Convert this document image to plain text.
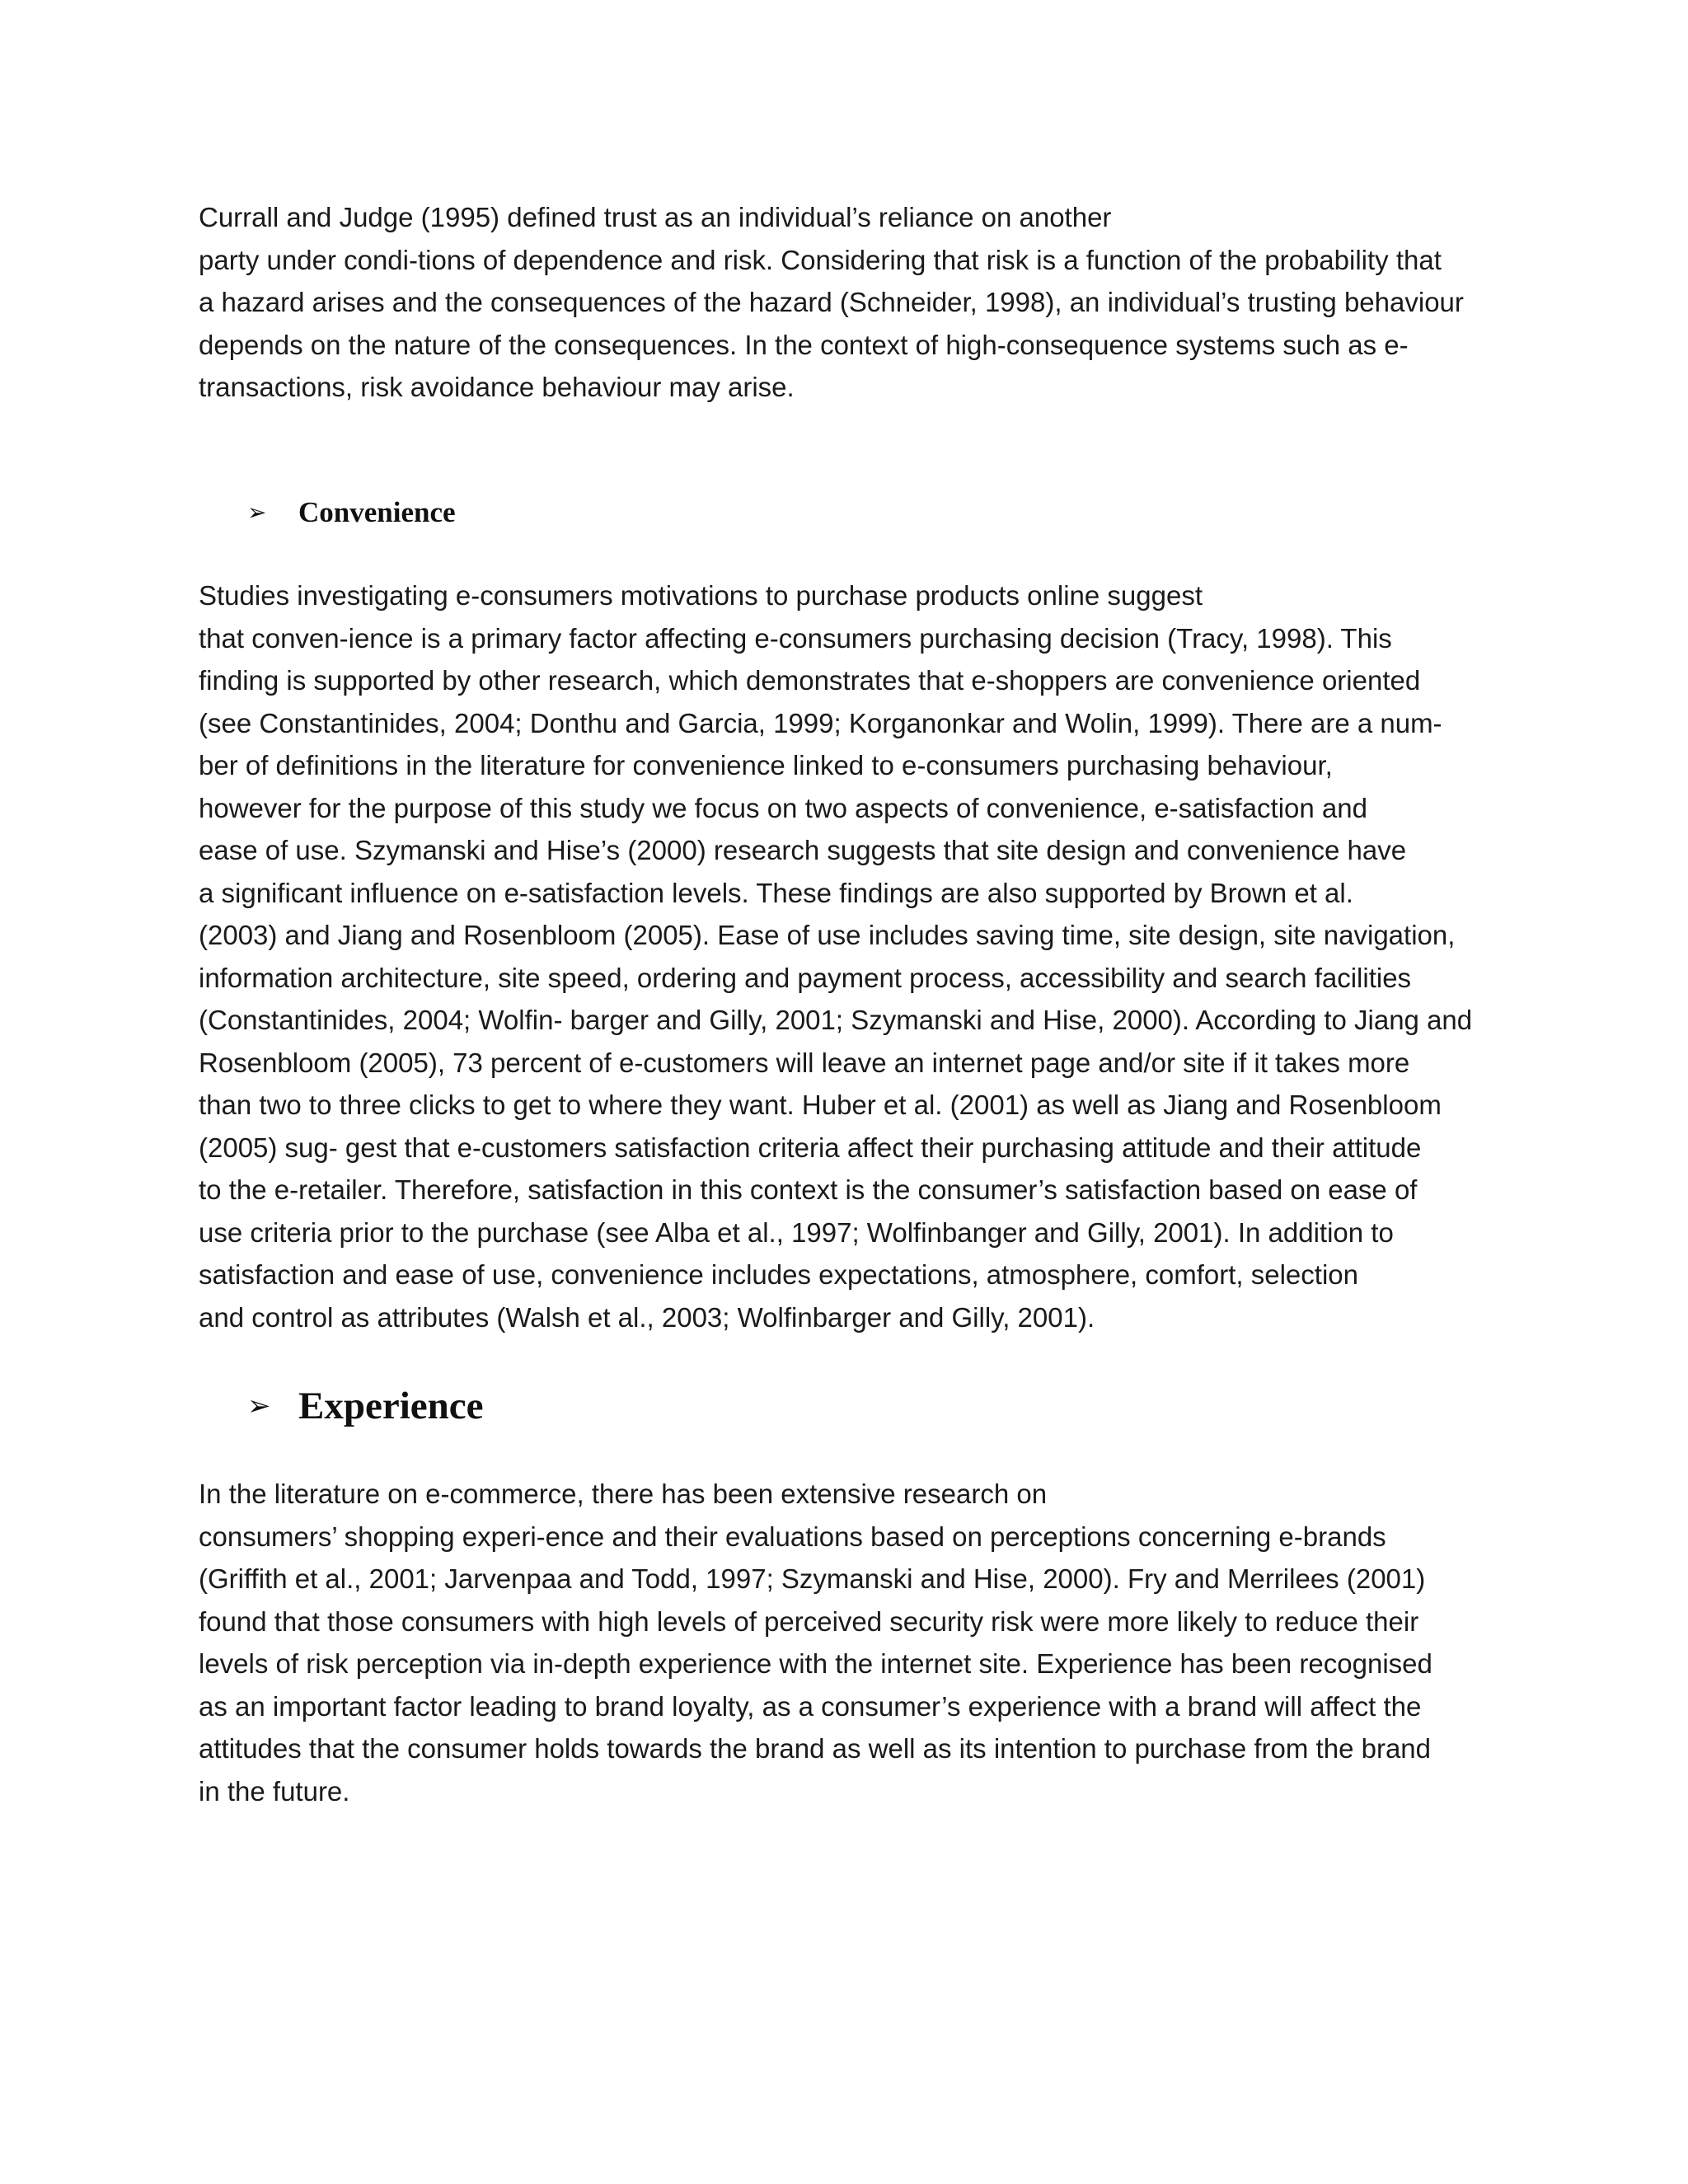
Currall and Judge (1995) defined trust as an individual’s reliance on another
party under condi-tions of dependence and risk. Considering that risk is a function of the probability that
a hazard arises and the consequences of the hazard (Schneider, 1998), an individual’s trusting behaviour
depends on the nature of the consequences. In the context of high-consequence systems such as e-
transactions, risk avoidance behaviour may arise.

➢	Convenience

Studies investigating e-consumers motivations to purchase products online suggest
that conven-ience is a primary factor affecting e-consumers purchasing decision (Tracy, 1998). This
finding is supported by other research, which demonstrates that e-shoppers are convenience oriented
(see Constantinides, 2004; Donthu and Garcia, 1999; Korganonkar and Wolin, 1999). There are a num-
ber of definitions in the literature for convenience linked to e-consumers purchasing behaviour,
however for the purpose of this study we focus on two aspects of convenience, e-satisfaction and
ease of use. Szymanski and Hise’s (2000) research suggests that site design and convenience have
a significant influence on e-satisfaction levels. These findings are also supported by Brown et al.
(2003) and Jiang and Rosenbloom (2005). Ease of use includes saving time, site design, site navigation,
information architecture, site speed, ordering and payment process, accessibility and search facilities
(Constantinides, 2004; Wolfin- barger and Gilly, 2001; Szymanski and Hise, 2000). According to Jiang and
Rosenbloom (2005), 73 percent of e-customers will leave an internet page and/or site if it takes more
than two to three clicks to get to where they want. Huber et al. (2001) as well as Jiang and Rosenbloom
(2005) sug- gest that e-customers satisfaction criteria affect their purchasing attitude and their attitude
to the e-retailer. Therefore, satisfaction in this context is the consumer’s satisfaction based on ease of
use criteria prior to the purchase (see Alba et al., 1997; Wolfinbanger and Gilly, 2001). In addition to
satisfaction and ease of use, convenience includes expectations, atmosphere, comfort, selection
and control as attributes (Walsh et al., 2003; Wolfinbarger and Gilly, 2001).

➢ Experience

In the literature on e-commerce, there has been extensive research on
consumers’ shopping experi-ence and their evaluations based on perceptions concerning e-brands
(Griffith et al., 2001; Jarvenpaa and Todd, 1997; Szymanski and Hise, 2000). Fry and Merrilees (2001)
found that those consumers with high levels of perceived security risk were more likely to reduce their
levels of risk perception via in-depth experience with the internet site. Experience has been recognised
as an important factor leading to brand loyalty, as a consumer’s experience with a brand will affect the
attitudes that the consumer holds towards the brand as well as its intention to purchase from the brand
in the future.
